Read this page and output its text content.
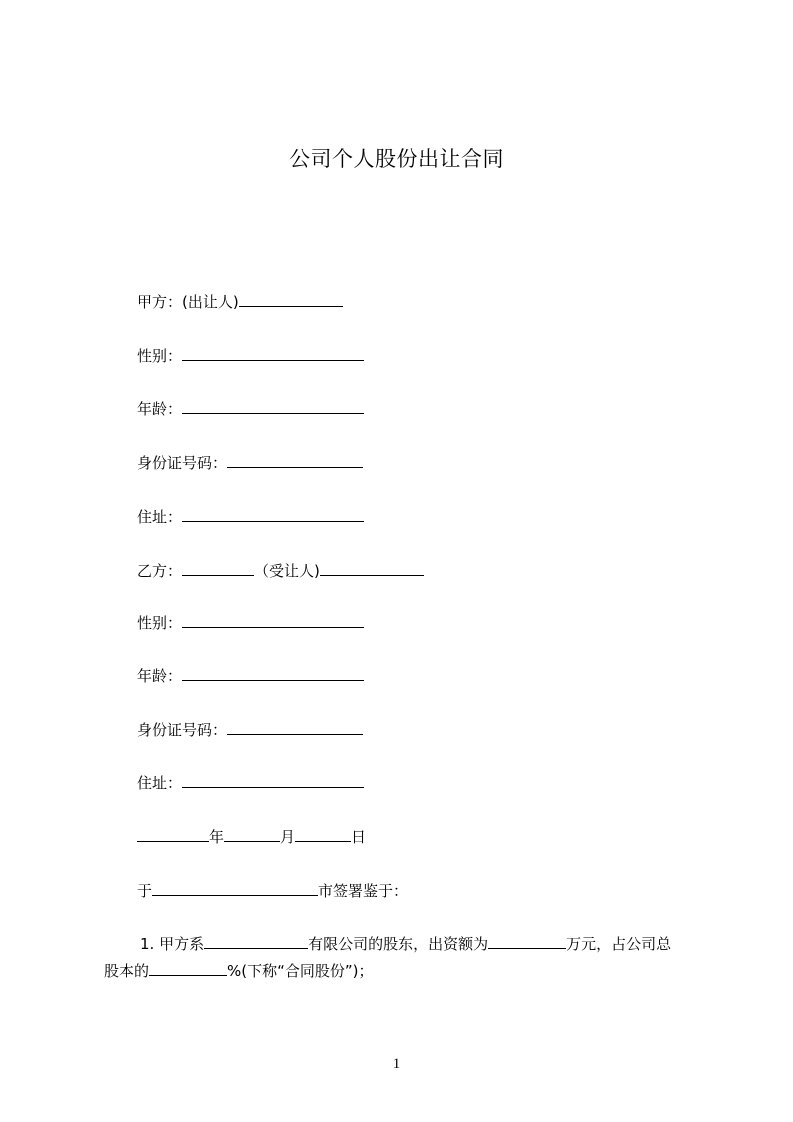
公司个人股份出让合同
甲方：(出让人)
性别：
年龄：
身份证号码：
住址：
乙方：	（受让人)
性别：
年龄：
身份证号码：
住址：
年	月	日
于	市签署鉴于：
1. 甲方系	有限公司的股东，出资额为	万元，占公司总
股本的	%(下称“合同股份”)；
1
